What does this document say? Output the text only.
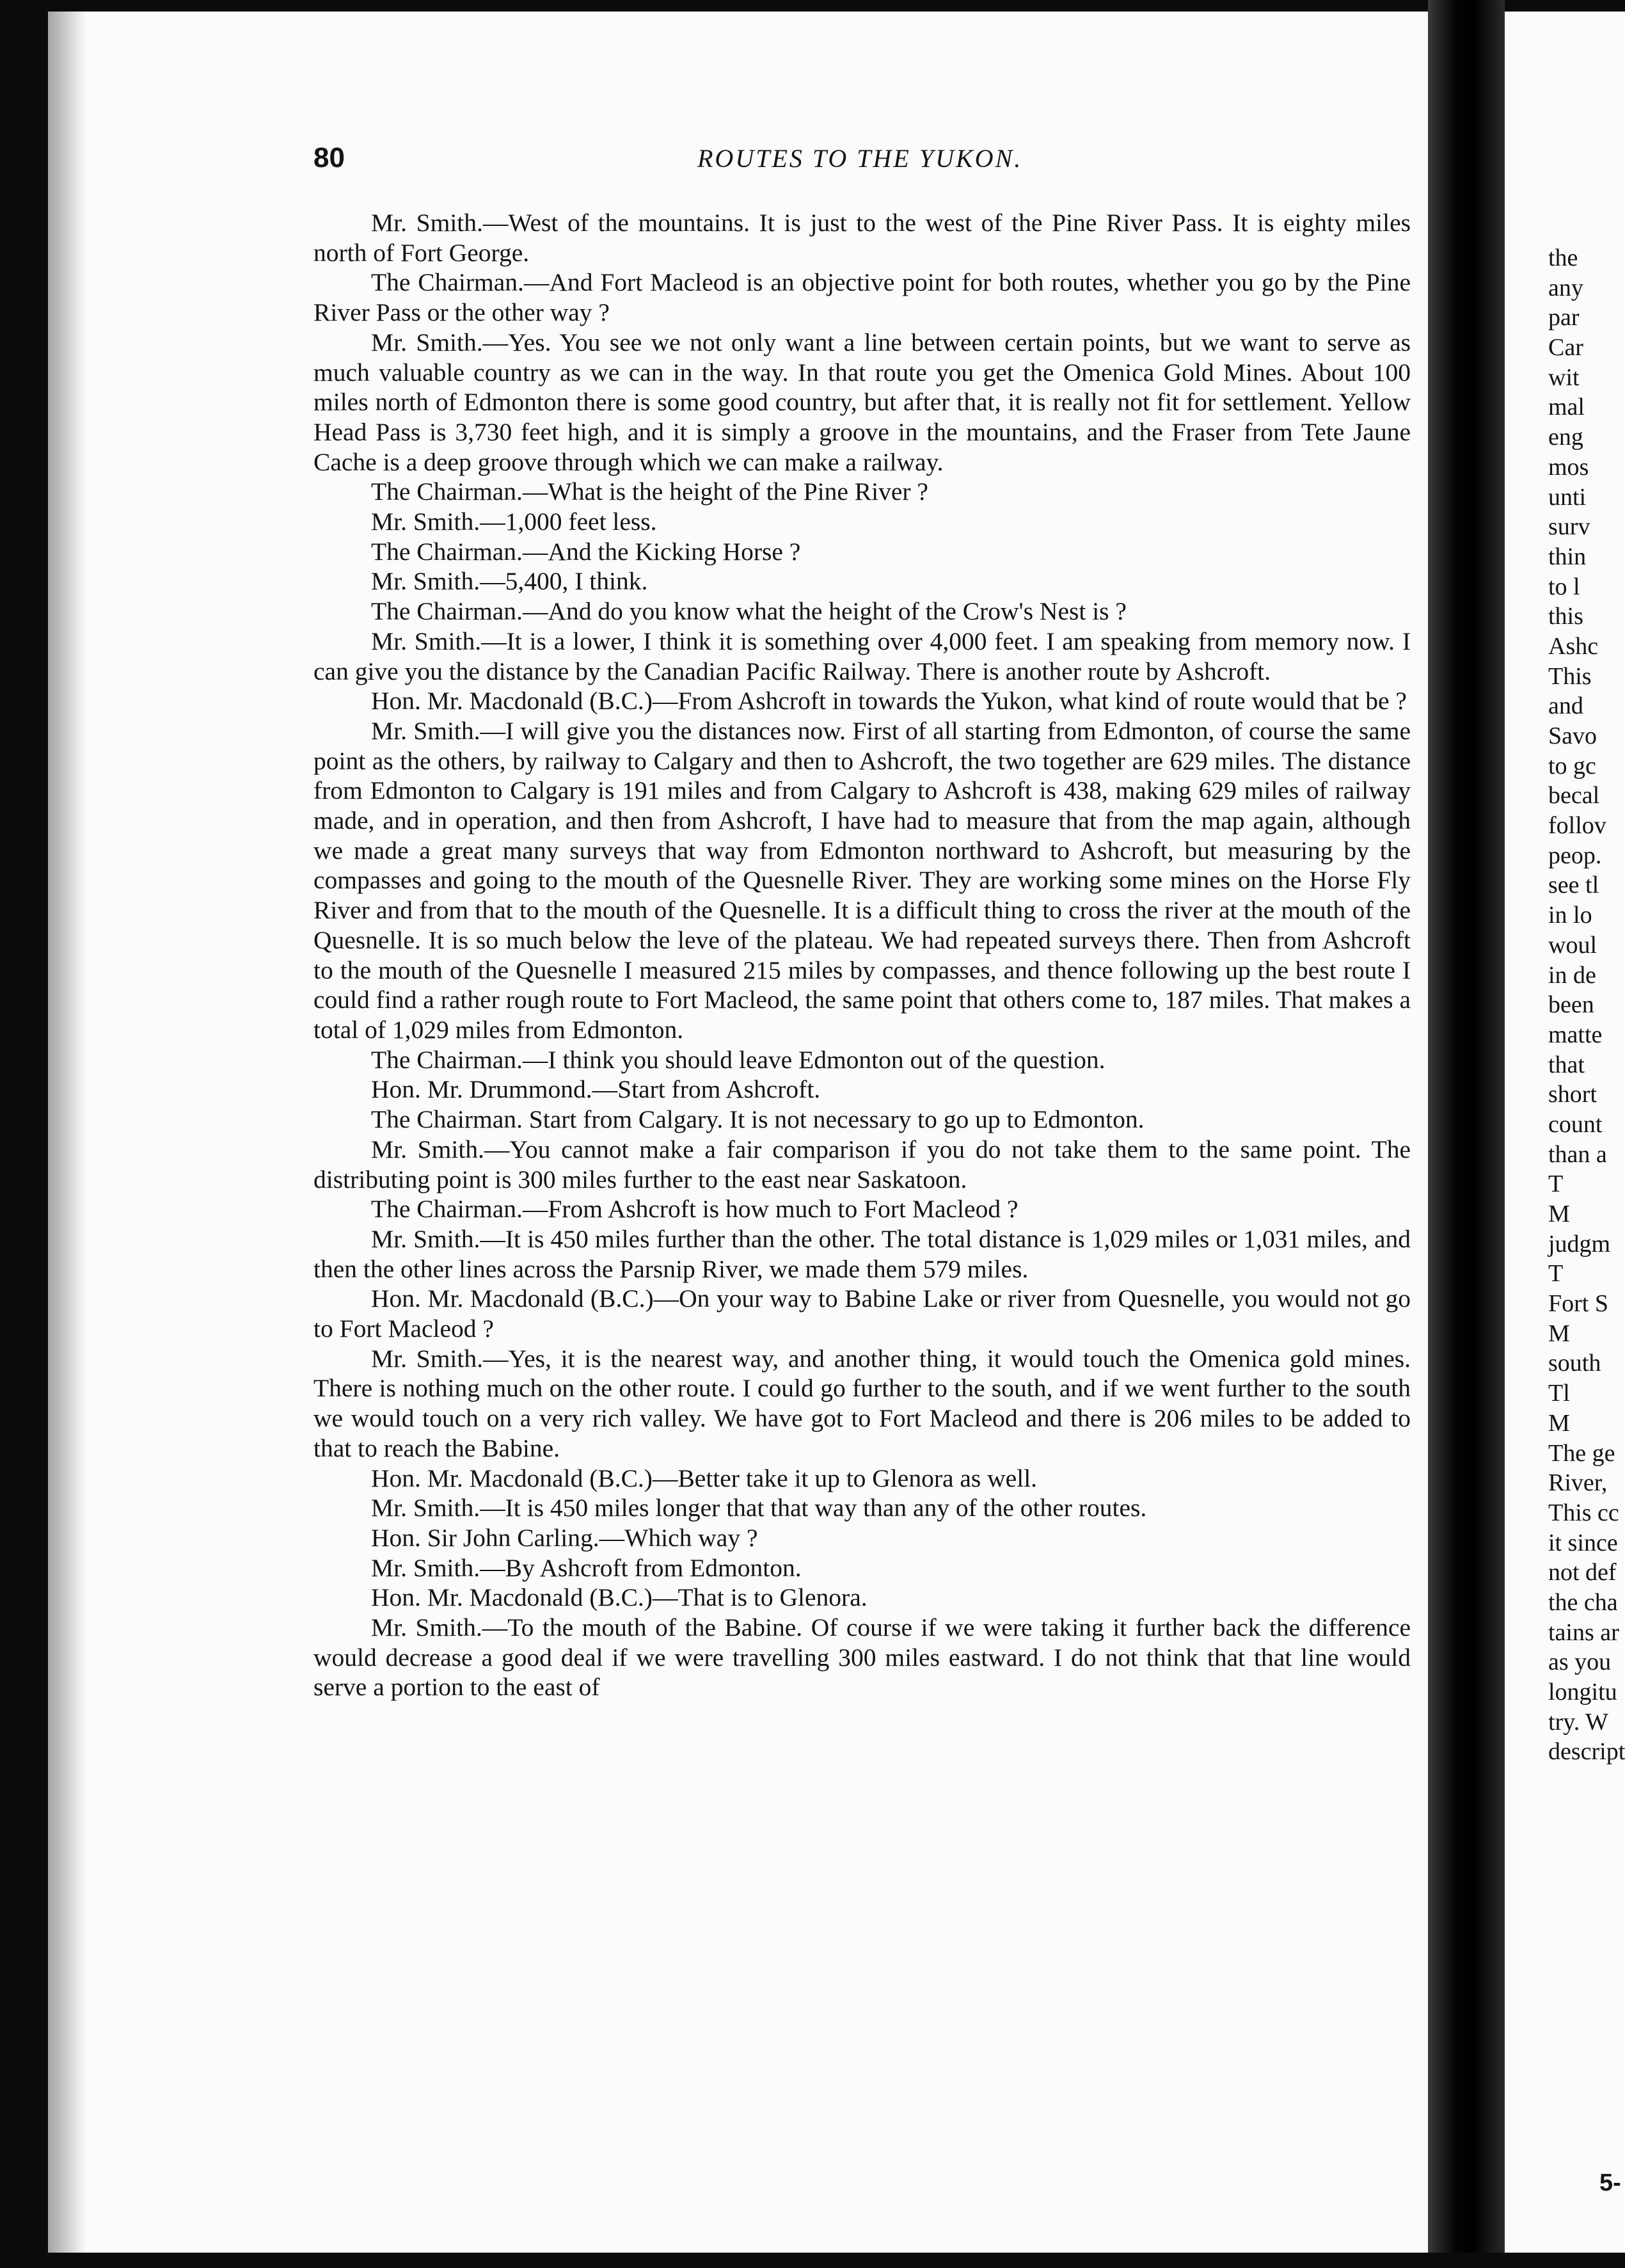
80	ROUTES TO THE YUKON.

Mr. Smith.—West of the mountains. It is just to the west of the Pine River Pass. It is eighty miles north of Fort George.

The Chairman.—And Fort Macleod is an objective point for both routes, whether you go by the Pine River Pass or the other way ?

Mr. Smith.—Yes. You see we not only want a line between certain points, but we want to serve as much valuable country as we can in the way. In that route you get the Omenica Gold Mines. About 100 miles north of Edmonton there is some good country, but after that, it is really not fit for settlement. Yellow Head Pass is 3,730 feet high, and it is simply a groove in the mountains, and the Fraser from Tete Jaune Cache is a deep groove through which we can make a railway.

The Chairman.—What is the height of the Pine River ?

Mr. Smith.—1,000 feet less.

The Chairman.—And the Kicking Horse ?

Mr. Smith.—5,400, I think.

The Chairman.—And do you know what the height of the Crow's Nest is ?

Mr. Smith.—It is a lower, I think it is something over 4,000 feet. I am speaking from memory now. I can give you the distance by the Canadian Pacific Railway. There is another route by Ashcroft.

Hon. Mr. Macdonald (B.C.)—From Ashcroft in towards the Yukon, what kind of route would that be ?

Mr. Smith.—I will give you the distances now. First of all starting from Edmonton, of course the same point as the others, by railway to Calgary and then to Ashcroft, the two together are 629 miles. The distance from Edmonton to Calgary is 191 miles and from Calgary to Ashcroft is 438, making 629 miles of railway made, and in operation, and then from Ashcroft, I have had to measure that from the map again, although we made a great many surveys that way from Edmonton northward to Ashcroft, but measuring by the compasses and going to the mouth of the Quesnelle River. They are working some mines on the Horse Fly River and from that to the mouth of the Quesnelle. It is a difficult thing to cross the river at the mouth of the Quesnelle. It is so much below the leve of the plateau. We had repeated surveys there. Then from Ashcroft to the mouth of the Quesnelle I measured 215 miles by compasses, and thence following up the best route I could find a rather rough route to Fort Macleod, the same point that others come to, 187 miles. That makes a total of 1,029 miles from Edmonton.

The Chairman.—I think you should leave Edmonton out of the question.

Hon. Mr. Drummond.—Start from Ashcroft.

The Chairman. Start from Calgary. It is not necessary to go up to Edmonton.

Mr. Smith.—You cannot make a fair comparison if you do not take them to the same point. The distributing point is 300 miles further to the east near Saskatoon.

The Chairman.—From Ashcroft is how much to Fort Macleod ?

Mr. Smith.—It is 450 miles further than the other. The total distance is 1,029 miles or 1,031 miles, and then the other lines across the Parsnip River, we made them 579 miles.

Hon. Mr. Macdonald (B.C.)—On your way to Babine Lake or river from Quesnelle, you would not go to Fort Macleod ?

Mr. Smith.—Yes, it is the nearest way, and another thing, it would touch the Omenica gold mines. There is nothing much on the other route. I could go further to the south, and if we went further to the south we would touch on a very rich valley. We have got to Fort Macleod and there is 206 miles to be added to that to reach the Babine.

Hon. Mr. Macdonald (B.C.)—Better take it up to Glenora as well.

Mr. Smith.—It is 450 miles longer that that way than any of the other routes.

Hon. Sir John Carling.—Which way ?

Mr. Smith.—By Ashcroft from Edmonton.

Hon. Mr. Macdonald (B.C.)—That is to Glenora.

Mr. Smith.—To the mouth of the Babine. Of course if we were taking it further back the difference would decrease a good deal if we were travelling 300 miles eastward. I do not think that that line would serve a portion to the east of

the
any
par
Car
wit
mal
eng
mos
unti
surv
thin
to l
this
Ashc
This
and
Savo
to gc
becal
follov
peop.
see tl
in lo
woul
in de
been
matte
that
short
count
than a
T
M
judgm
T
Fort S
M
south
Tl
M
The ge
River,
This cc
it since
not def
the cha
tains ar
as you
longitu
try. W
descript
5-
